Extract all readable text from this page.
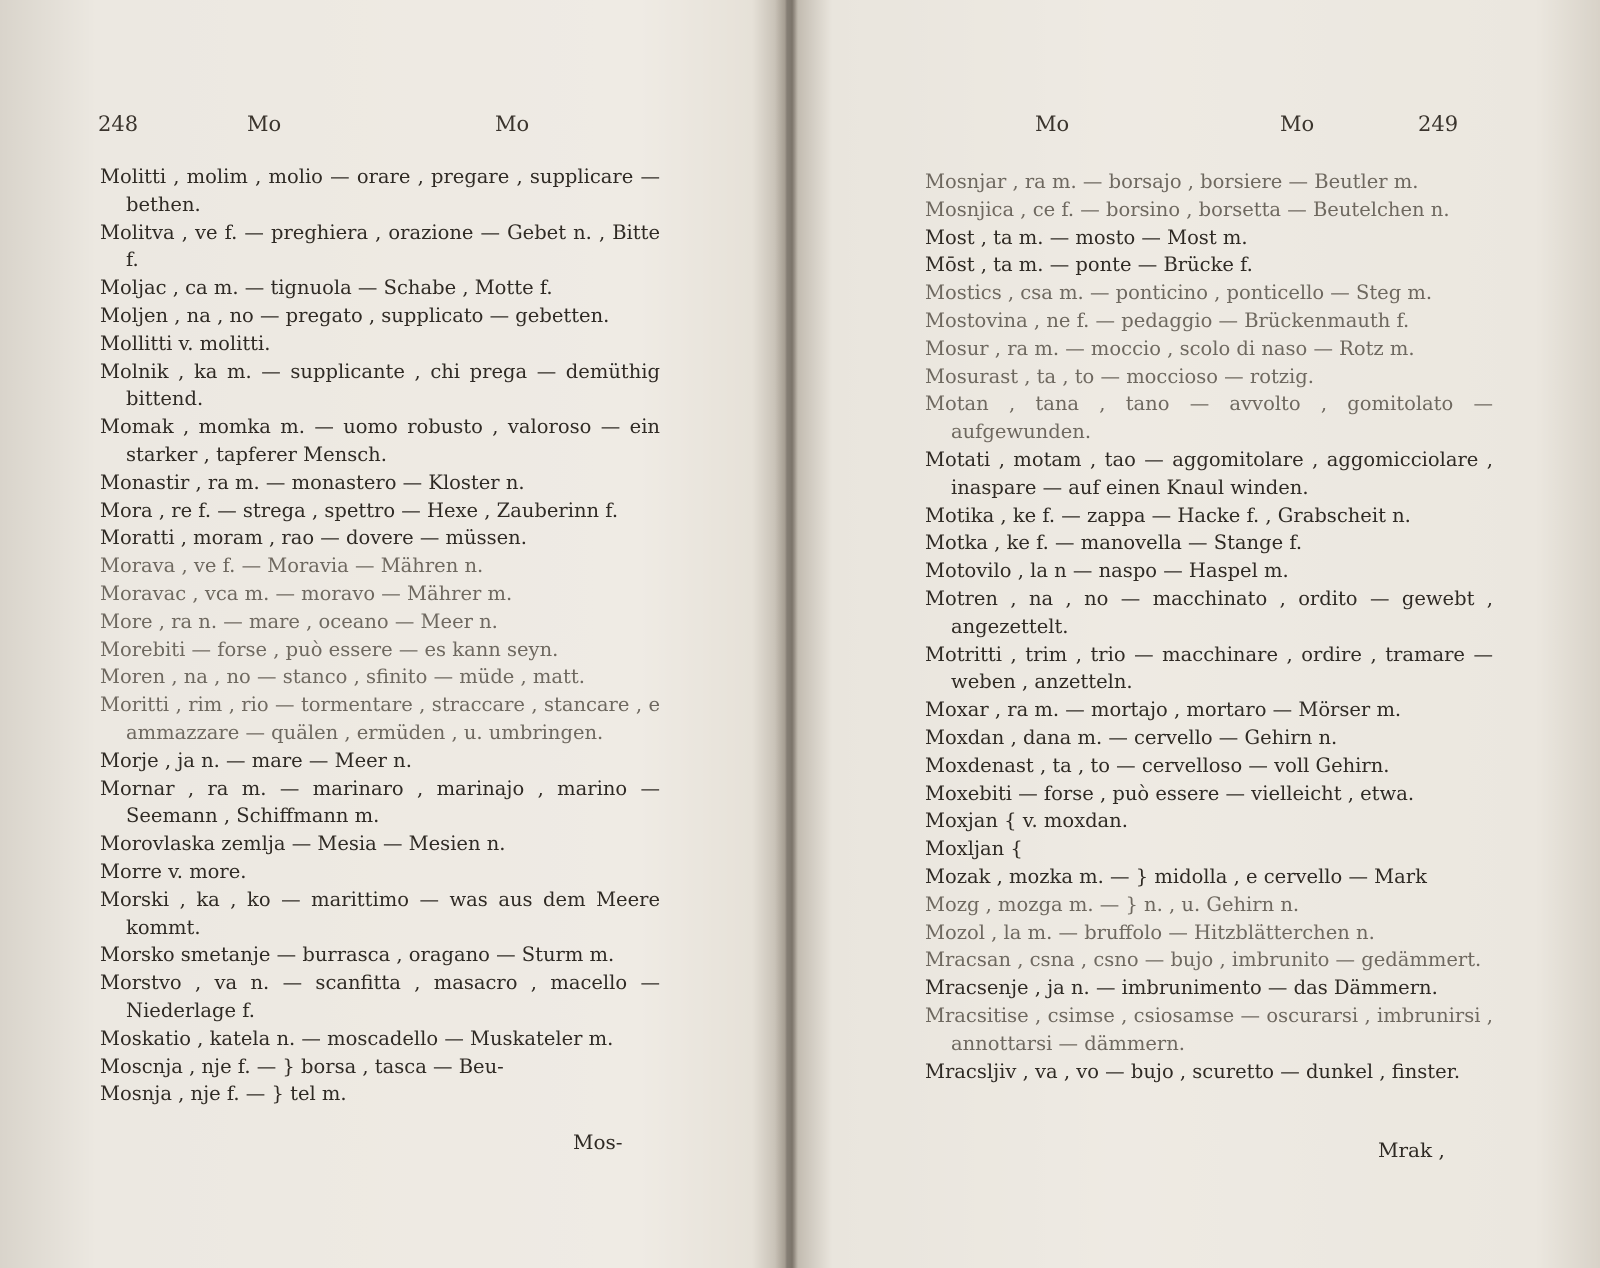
248	Mo	Mo
Molitti , molim , molio — orare , pregare , supplicare — bethen.
Molitva , ve f. — preghiera , orazione — Gebet n. , Bitte f.
Moljac , ca m. — tignuola — Schabe , Motte f.
Moljen , na , no — pregato , supplicato — gebetten.
Mollitti v. molitti.
Molnik , ka m. — supplicante , chi prega — demüthig bittend.
Momak , momka m. — uomo robusto , valoroso — ein starker , tapferer Mensch.
Monastir , ra m. — monastero — Kloster n.
Mora , re f. — strega , spettro — Hexe , Zauberinn f.
Moratti , moram , rao — dovere — müssen.
Morava , ve f. — Moravia — Mähren n.
Moravac , vca m. — moravo — Mährer m.
More , ra n. — mare , oceano — Meer n.
Morebiti — forse , può essere — es kann seyn.
Moren , na , no — stanco , sfinito — müde , matt.
Moritti , rim , rio — tormentare , straccare , stancare , e ammazzare — quälen , ermüden , u. umbringen.
Morje , ja n. — mare — Meer n.
Mornar , ra m. — marinaro , marinajo , marino — Seemann , Schiffmann m.
Morovlaska zemlja — Mesia — Mesien n.
Morre v. more.
Morski , ka , ko — marittimo — was aus dem Meere kommt.
Morsko smetanje — burrasca , oragano — Sturm m.
Morstvo , va n. — scanfitta , masacro , macello — Niederlage f.
Moskatio , katela n. — moscadello — Muskateler m.
Moscnja , nje f. — } borsa , tasca — Beu-
Mosnja , nje f. — } tel m.
Mos-
Mo	Mo	249
Mosnjar , ra m. — borsajo , borsiere — Beutler m.
Mosnjica , ce f. — borsino , borsetta — Beutelchen n.
Most , ta m. — mosto — Most m.
Mōst , ta m. — ponte — Brücke f.
Mostics , csa m. — ponticino , ponticello — Steg m.
Mostovina , ne f. — pedaggio — Brückenmauth f.
Mosur , ra m. — moccio , scolo di naso — Rotz m.
Mosurast , ta , to — moccioso — rotzig.
Motan , tana , tano — avvolto , gomitolato — aufgewunden.
Motati , motam , tao — aggomitolare , aggomicciolare , inaspare — auf einen Knaul winden.
Motika , ke f. — zappa — Hacke f. , Grabscheit n.
Motka , ke f. — manovella — Stange f.
Motovilo , la n — naspo — Haspel m.
Motren , na , no — macchinato , ordito — gewebt , angezettelt.
Motritti , trim , trio — macchinare , ordire , tramare — weben , anzetteln.
Moxar , ra m. — mortajo , mortaro — Mörser m.
Moxdan , dana m. — cervello — Gehirn n.
Moxdenast , ta , to — cervelloso — voll Gehirn.
Moxebiti — forse , può essere — vielleicht , etwa.
Moxjan { v. moxdan.
Moxljan {
Mozak , mozka m. — } midolla , e cervello — Mark
Mozg , mozga m. — } n. , u. Gehirn n.
Mozol , la m. — bruffolo — Hitzblätterchen n.
Mracsan , csna , csno — bujo , imbrunito — gedämmert.
Mracsenje , ja n. — imbrunimento — das Dämmern.
Mracsitise , csimse , csiosamse — oscurarsi , imbrunirsi , annottarsi — dämmern.
Mracsljiv , va , vo — bujo , scuretto — dunkel , finster.
Mrak ,
